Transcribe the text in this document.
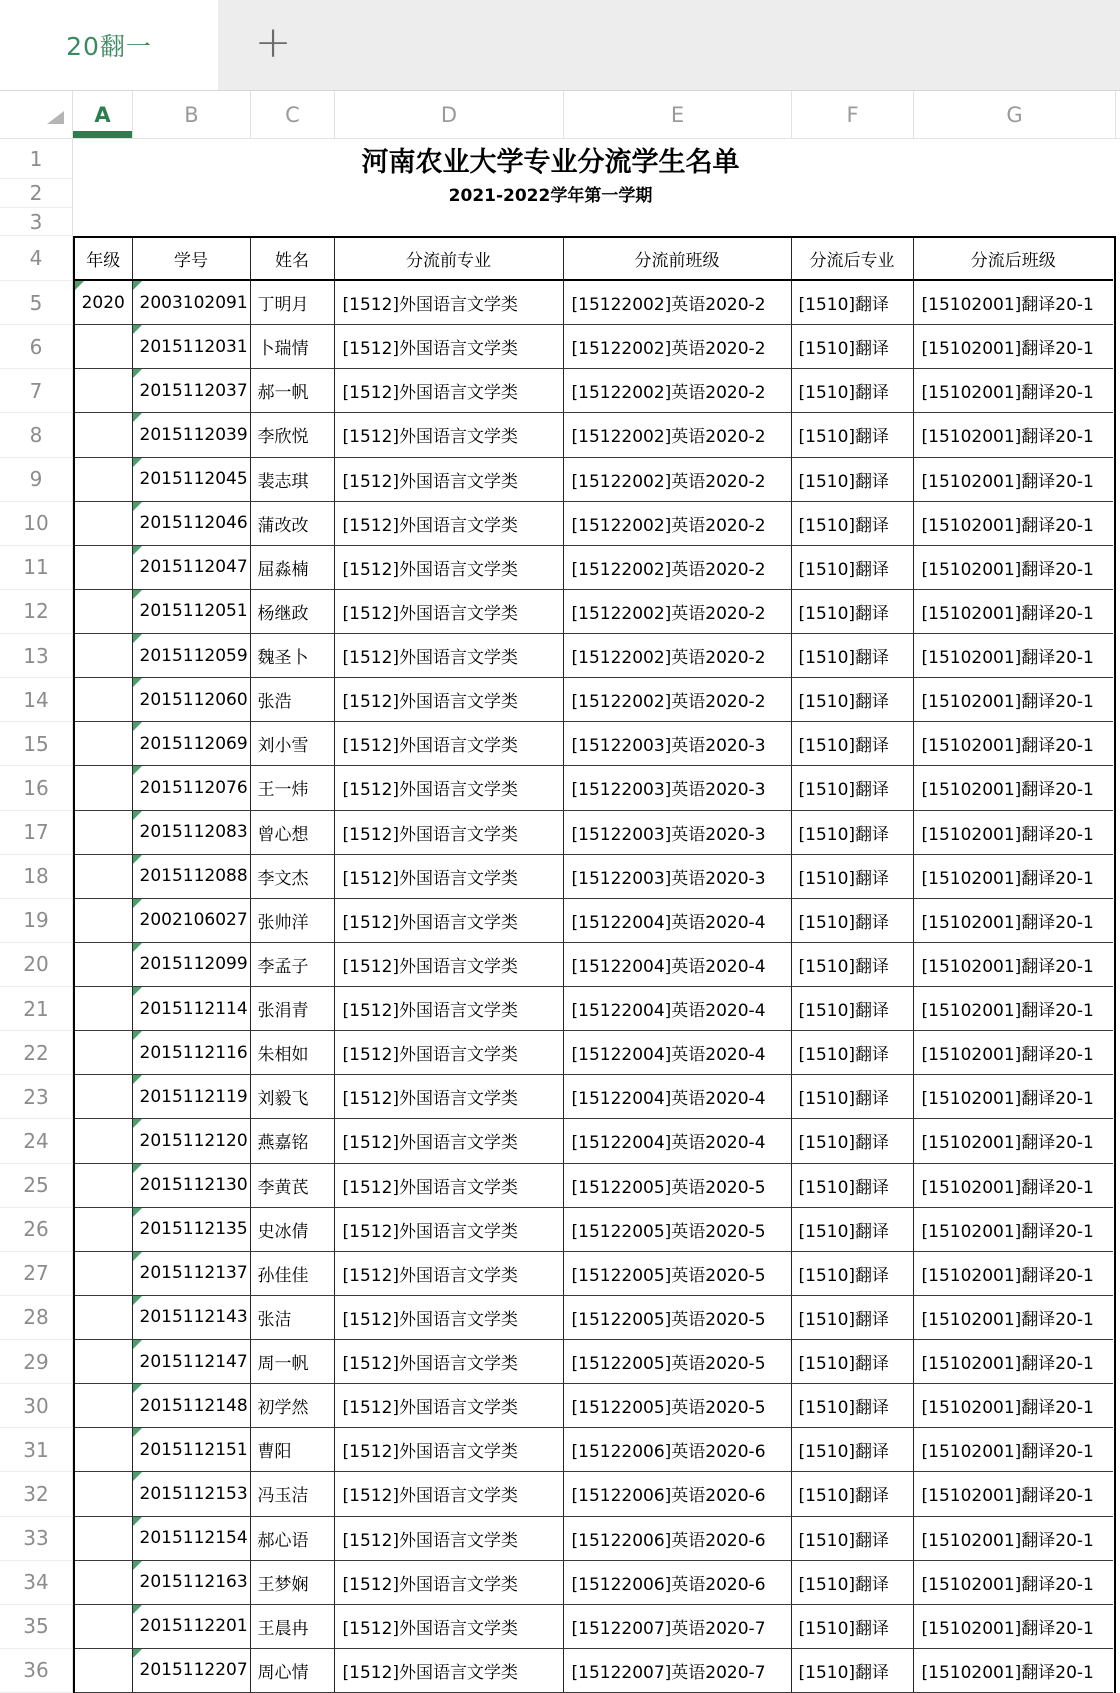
20翻一 +
A	B	C	D	E	F	G
1
2
3
4
5
6
7
8
9
10
11
12
13
14
15
16
17
18
19
20
21
22
23
24
25
26
27
28
29
30
31
32
33
34
35
36
河南农业大学专业分流学生名单
2021-2022学年第一学期
年级	学号	姓名	分流前专业	分流前班级	分流后专业	分流后班级
2020 2003102091 丁明月 [1512]外国语言文学类	[15122002]英语2020-2 [1510]翻译 [15102001]翻译20-1
2015112031 卜瑞情 [1512]外国语言文学类	[15122002]英语2020-2 [1510]翻译 [15102001]翻译20-1
2015112037 郝一帆 [1512]外国语言文学类	[15122002]英语2020-2 [1510]翻译 [15102001]翻译20-1
2015112039 李欣悦 [1512]外国语言文学类	[15122002]英语2020-2 [1510]翻译 [15102001]翻译20-1
2015112045 裴志琪 [1512]外国语言文学类	[15122002]英语2020-2 [1510]翻译 [15102001]翻译20-1
2015112046 蒲改改 [1512]外国语言文学类	[15122002]英语2020-2 [1510]翻译 [15102001]翻译20-1
2015112047 屈淼楠 [1512]外国语言文学类	[15122002]英语2020-2 [1510]翻译 [15102001]翻译20-1
2015112051 杨继政 [1512]外国语言文学类	[15122002]英语2020-2 [1510]翻译 [15102001]翻译20-1
2015112059 魏圣卜 [1512]外国语言文学类	[15122002]英语2020-2 [1510]翻译 [15102001]翻译20-1
2015112060 张浩	[1512]外国语言文学类	[15122002]英语2020-2 [1510]翻译 [15102001]翻译20-1
2015112069 刘小雪 [1512]外国语言文学类	[15122003]英语2020-3 [1510]翻译 [15102001]翻译20-1
2015112076 王一炜 [1512]外国语言文学类	[15122003]英语2020-3 [1510]翻译 [15102001]翻译20-1
2015112083 曾心想 [1512]外国语言文学类	[15122003]英语2020-3 [1510]翻译 [15102001]翻译20-1
2015112088 李文杰 [1512]外国语言文学类	[15122003]英语2020-3 [1510]翻译 [15102001]翻译20-1
2002106027 张帅洋 [1512]外国语言文学类	[15122004]英语2020-4 [1510]翻译 [15102001]翻译20-1
2015112099 李孟子 [1512]外国语言文学类	[15122004]英语2020-4 [1510]翻译 [15102001]翻译20-1
2015112114 张涓青 [1512]外国语言文学类	[15122004]英语2020-4 [1510]翻译 [15102001]翻译20-1
2015112116 朱相如 [1512]外国语言文学类	[15122004]英语2020-4 [1510]翻译 [15102001]翻译20-1
2015112119 刘毅飞 [1512]外国语言文学类	[15122004]英语2020-4 [1510]翻译 [15102001]翻译20-1
2015112120 燕嘉铭 [1512]外国语言文学类	[15122004]英语2020-4 [1510]翻译 [15102001]翻译20-1
2015112130 李黄芪 [1512]外国语言文学类	[15122005]英语2020-5 [1510]翻译 [15102001]翻译20-1
2015112135 史冰倩 [1512]外国语言文学类	[15122005]英语2020-5 [1510]翻译 [15102001]翻译20-1
2015112137 孙佳佳 [1512]外国语言文学类	[15122005]英语2020-5 [1510]翻译 [15102001]翻译20-1
2015112143 张洁	[1512]外国语言文学类	[15122005]英语2020-5 [1510]翻译 [15102001]翻译20-1
2015112147 周一帆 [1512]外国语言文学类	[15122005]英语2020-5 [1510]翻译 [15102001]翻译20-1
2015112148 初学然 [1512]外国语言文学类	[15122005]英语2020-5 [1510]翻译 [15102001]翻译20-1
2015112151 曹阳	[1512]外国语言文学类	[15122006]英语2020-6 [1510]翻译 [15102001]翻译20-1
2015112153 冯玉洁 [1512]外国语言文学类	[15122006]英语2020-6 [1510]翻译 [15102001]翻译20-1
2015112154 郝心语 [1512]外国语言文学类	[15122006]英语2020-6 [1510]翻译 [15102001]翻译20-1
2015112163 王梦娴 [1512]外国语言文学类	[15122006]英语2020-6 [1510]翻译 [15102001]翻译20-1
2015112201 王晨冉 [1512]外国语言文学类	[15122007]英语2020-7 [1510]翻译 [15102001]翻译20-1
2015112207 周心情 [1512]外国语言文学类	[15122007]英语2020-7 [1510]翻译 [15102001]翻译20-1
